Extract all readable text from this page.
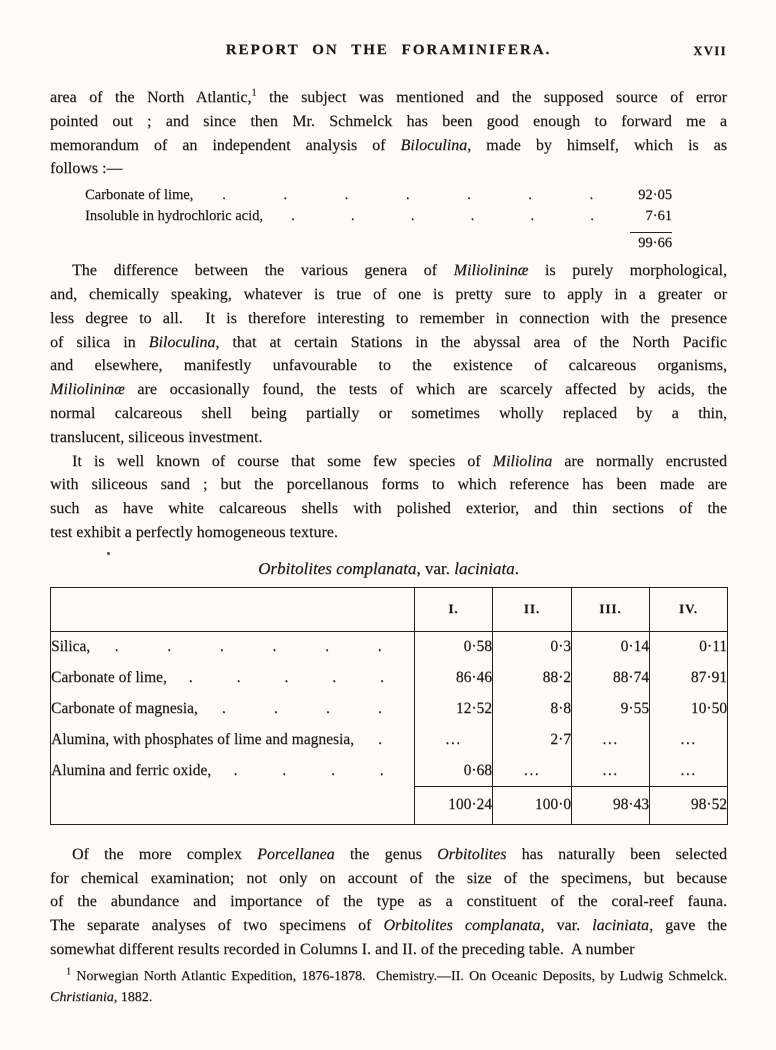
REPORT ON THE FORAMINIFERA.	XVII
area of the North Atlantic,$^1$ the subject was mentioned and the supposed source of error
pointed out ; and since then Mr. Schmelck has been good enough to forward me a
memorandum of an independent analysis of Biloculina, made by himself, which is as
follows :—
Carbonate of lime, .	.	.	.	.	.	.	92·05
Insoluble in hydrochloric acid, .	.	.	.	.	.	7·61
99·66
The difference between the various genera of Miliolininæ is purely morphological,
and, chemically speaking, whatever is true of one is pretty sure to apply in a greater or
less degree to all.  It is therefore interesting to remember in connection with the presence
of silica in Biloculina, that at certain Stations in the abyssal area of the North Pacific
and elsewhere, manifestly unfavourable to the existence of calcareous organisms,
Miliolininæ are occasionally found, the tests of which are scarcely affected by acids, the
normal calcareous shell being partially or sometimes wholly replaced by a thin,
translucent, siliceous investment.
It is well known of course that some few species of Miliolina are normally encrusted
with siliceous sand ; but the porcellanous forms to which reference has been made are
such as have white calcareous shells with polished exterior, and thin sections of the
test exhibit a perfectly homogeneous texture.
Orbitolites complanata, var. laciniata.
	I.	II.	III.	IV.

Silica, .	.	.	.	.	.	0·58	0·3	0·14	0·11

Carbonate of lime, .	.	.	.	.	86·46	88·2	88·74	87·91

Carbonate of magnesia, . . . .	12·52	8·8	9·55	10·50

Alumina, with phosphates of lime and magnesia, .	...	2·7	...	...

Alumina and ferric oxide, . . . .	0·68	...	...	...
	100·24	100·0	98·43	98·52
Of the more complex Porcellanea the genus Orbitolites has naturally been selected
for chemical examination; not only on account of the size of the specimens, but because
of the abundance and importance of the type as a constituent of the coral-reef fauna.
The separate analyses of two specimens of Orbitolites complanata, var. laciniata, gave the
somewhat different results recorded in Columns I. and II. of the preceding table.  A number
$^1$ Norwegian North Atlantic Expedition, 1876-1878.  Chemistry.—II. On Oceanic Deposits, by Ludwig Schmelck.
Christiania, 1882.
